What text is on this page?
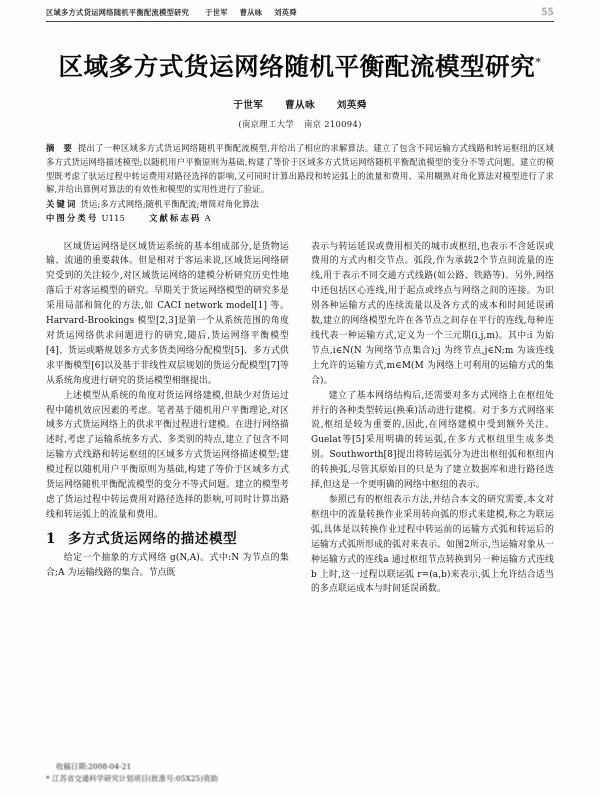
区域多方式货运网络随机平衡配流模型研究 于世军 曹从咏 刘英舜	55
区域多方式货运网络随机平衡配流模型研究*
于世军 曹从咏 刘英舜
(南京理工大学 南京 210094)
摘 要 提出了一种区域多方式货运网络随机平衡配流模型,并给出了相应的求解算法。建立了包含不同运输方式线路和转运枢纽的区域多方式货运网络描述模型;以随机用户平衡原则为基础,构建了等价于区域多方式货运网络随机平衡配流模型的变分不等式问题。建立的模型既考虑了驮运过程中转运费用对路径选择的影响,又可同时计算出路段和转运弧上的流量和费用、采用糊熟对角化算法对模型进行了求解,并给出算例对算法的有效性和模型的实用性进行了验证。
关键词 货运;多方式网络;随机平衡配流;增简对角化算法
中图分类号 U115	文献标志码 A

区域货运网络是区域货运系统的基本组成部分,是货物运输、流通的重要载体。但是相对于客运来说,区域货运网络研究受到的关注较少,对区域货运网络的建模分析研究历史性地落后于对客运模型的研究。早期关于货运网络模型的研究多是采用局部和简化的方法,如 CACI network model[1] 等。Harvard-Brookings 模型[2,3]是第一个从系统范围的角度对货运网络供求问题进行的研究,随后,货运网络平衡模型[4]、货运或略规划多方式多货类网络分配模型[5]、多方式供求平衡模型[6]以及基于非线性双层规划的货运分配模型[7]等从系统角度进行研究的货运模型相继提出。

上述模型从系统的角度对货运网络建模,但缺少对货运过程中随机效应因素的考虑。笔者基于随机用户平衡理论,对区域多方式货运网络上的供求平衡过程进行建模。在进行网络描述时,考虑了运输系统多方式、多类别的特点,建立了包含不同运输方式线路和转运枢纽的区域多方式货运网络描述模型;建模过程以随机用户平衡原则为基础,构建了等价于区域多方式货运网络随机平衡配流模型的变分不等式问题。建立的模型考虑了货运过程中转运费用对路径选择的影响,可同时计算出路线和转运弧上的流量和费用。

1 多方式货运网络的描述模型

给定一个抽象的方式网络 g(N,A)。式中:N 为节点的集合;A 为运输线路的集合。节点既

表示与转运延误或费用相关的城市或枢纽,也表示不含延误或费用的方式内相交节点。弧段,作为承载2个节点间流量的连线,用于表示不同交通方式线路(如公路、铁路等)。另外,网络中还包括区心连线,用于起点或终点与网络之间的连接。为识别各种运输方式的连续流量以及各方式的成本和时间延误函数,建立的网络模型允许在各节点之间存在平行的连线,每种连线代表一种运输方式,定义为一个三元期(i,j,m)。其中:i 为始节点,i∈N(N 为网络节点集合);j 为终节点,j∈N;m 为该连线上允许的运输方式,m∈M(M 为网络上可利用的运输方式的集合)。

建立了基本网络结构后,还需要对多方式网络上在枢纽处并行的各种类型转运(换乘)活动进行建模。对于多方式网络来说,枢纽是较为重要的,因此,在网络建模中受到额外关注。Guelat等[5]采用明确的转运弧,在多方式枢纽里生成多类别。Southworth[8]提出将转运弧分为进出枢纽弧和枢纽内的转换弧,尽管其原始目的只是为了建立数据库和进行路径选择,但这是一个更明确的网络中枢纽的表示。

参照已有的枢纽表示方法,并结合本文的研究需要,本文对枢纽中的流量转换作业采用转向弧的形式来建模,称之为联运弧,具体是以转换作业过程中转运前的运输方式弧和转运后的运输方式弧所形成的弧对来表示。如图2所示,当运输对象从一种运输方式的连线a 通过枢纽节点转换到另一种运输方式连线 b 上时,这一过程以联运弧 r=(a,b)来表示,弧上允许结合适当的多点联运成本与时间延误函数。

收稿日期:2008-04-21
* 江苏省交通科学研究计划项目(批准号:05X25)资助
